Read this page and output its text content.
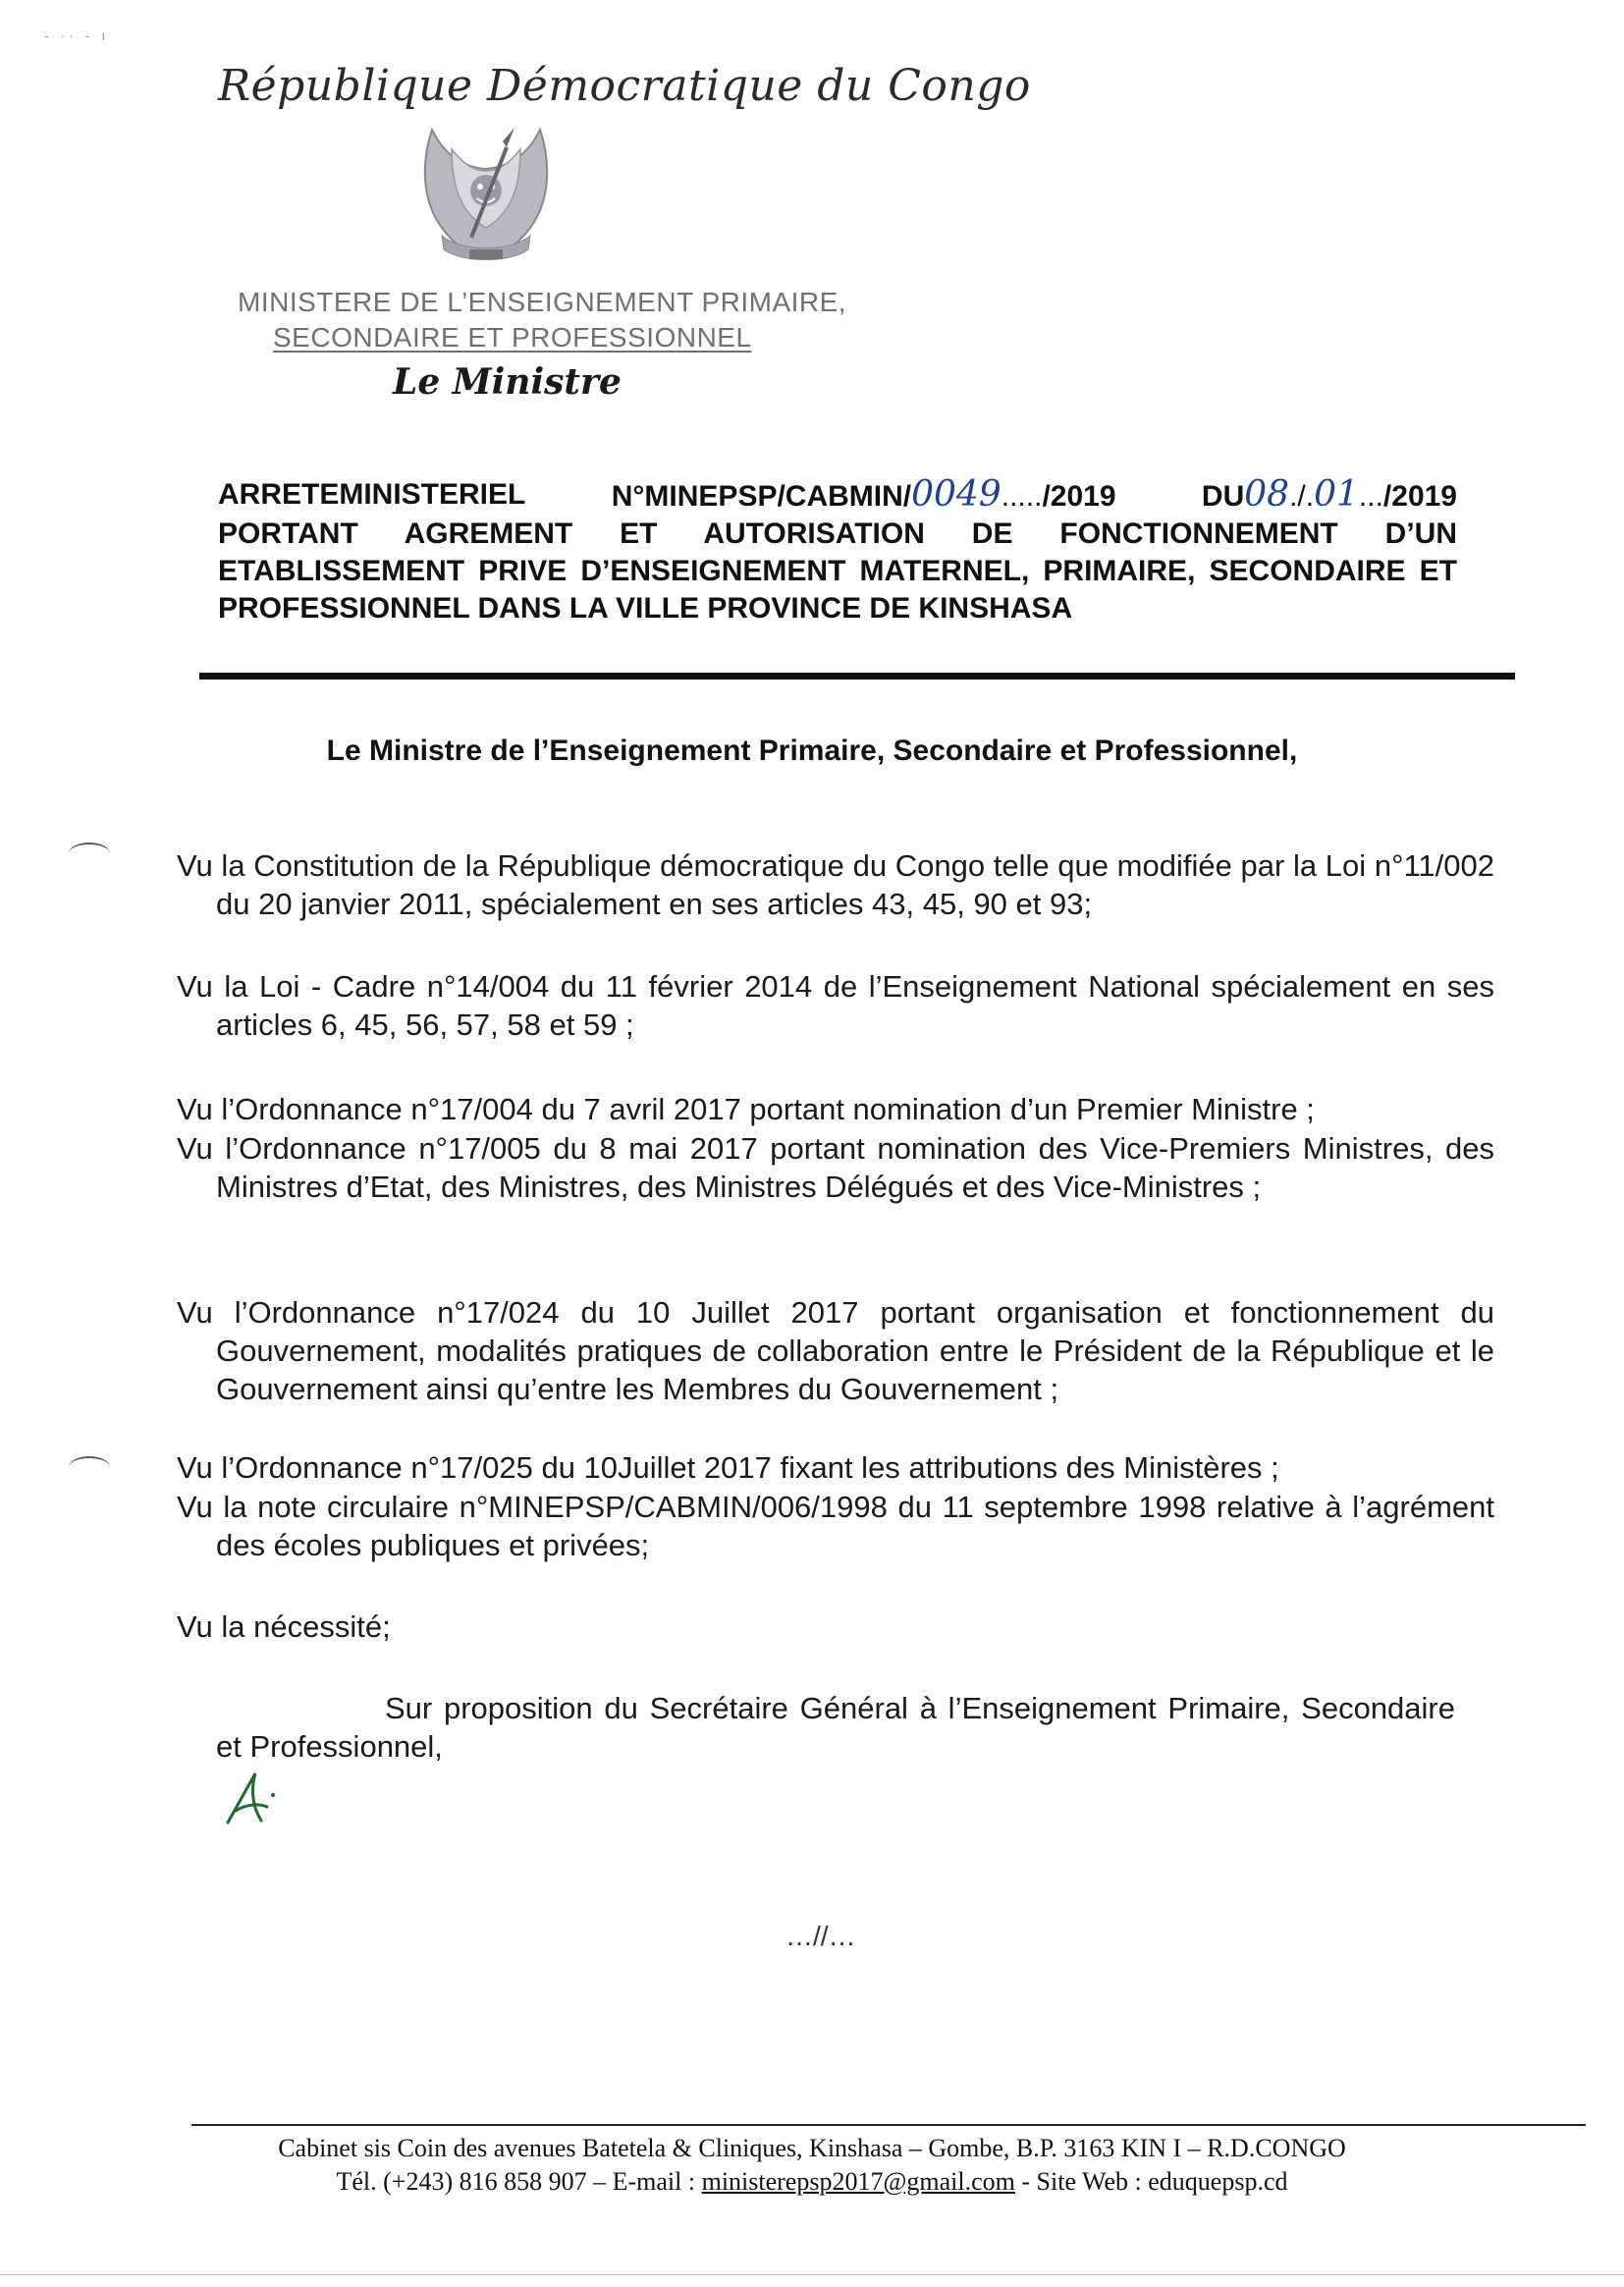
- ·· - ı
République Démocratique du Congo
MINISTERE DE L’ENSEIGNEMENT PRIMAIRE,
SECONDAIRE ET PROFESSIONNEL
Le Ministre
ARRETEMINISTERIEL	N°MINEPSP/CABMIN/0049...../2019	DU08./.01.../2019
PORTANT AGREMENT ET AUTORISATION DE FONCTIONNEMENT D’UN ETABLISSEMENT PRIVE D’ENSEIGNEMENT MATERNEL, PRIMAIRE, SECONDAIRE ET PROFESSIONNEL DANS LA VILLE PROVINCE DE KINSHASA
Le Ministre de l’Enseignement Primaire, Secondaire et Professionnel,
Vu la Constitution de la République démocratique du Congo telle que modifiée par la Loi n°11/002 du 20 janvier 2011, spécialement en ses articles 43, 45, 90 et 93;
Vu la Loi - Cadre n°14/004 du 11 février 2014 de l’Enseignement National spécialement en ses articles 6, 45, 56, 57, 58 et 59 ;
Vu l’Ordonnance n°17/004 du 7 avril 2017 portant nomination d’un Premier Ministre ;
Vu l’Ordonnance n°17/005 du 8 mai 2017 portant nomination des Vice-Premiers Ministres, des Ministres d’Etat, des Ministres, des Ministres Délégués et des Vice-Ministres ;
Vu l’Ordonnance n°17/024 du 10 Juillet 2017 portant organisation et fonctionnement du Gouvernement, modalités pratiques de collaboration entre le Président de la République et le Gouvernement ainsi qu’entre les Membres du Gouvernement ;
Vu l’Ordonnance n°17/025 du 10Juillet 2017 fixant les attributions des Ministères ;
Vu la note circulaire n°MINEPSP/CABMIN/006/1998 du 11 septembre 1998 relative à l’agrément des écoles publiques et privées;
Vu la nécessité;
Sur proposition du Secrétaire Général à l’Enseignement Primaire, Secondaire et Professionnel,
…//…
Cabinet sis Coin des avenues Batetela & Cliniques, Kinshasa – Gombe, B.P. 3163 KIN I – R.D.CONGO
Tél. (+243) 816 858 907 – E-mail : ministerepsp2017@gmail.com - Site Web : eduquepsp.cd
